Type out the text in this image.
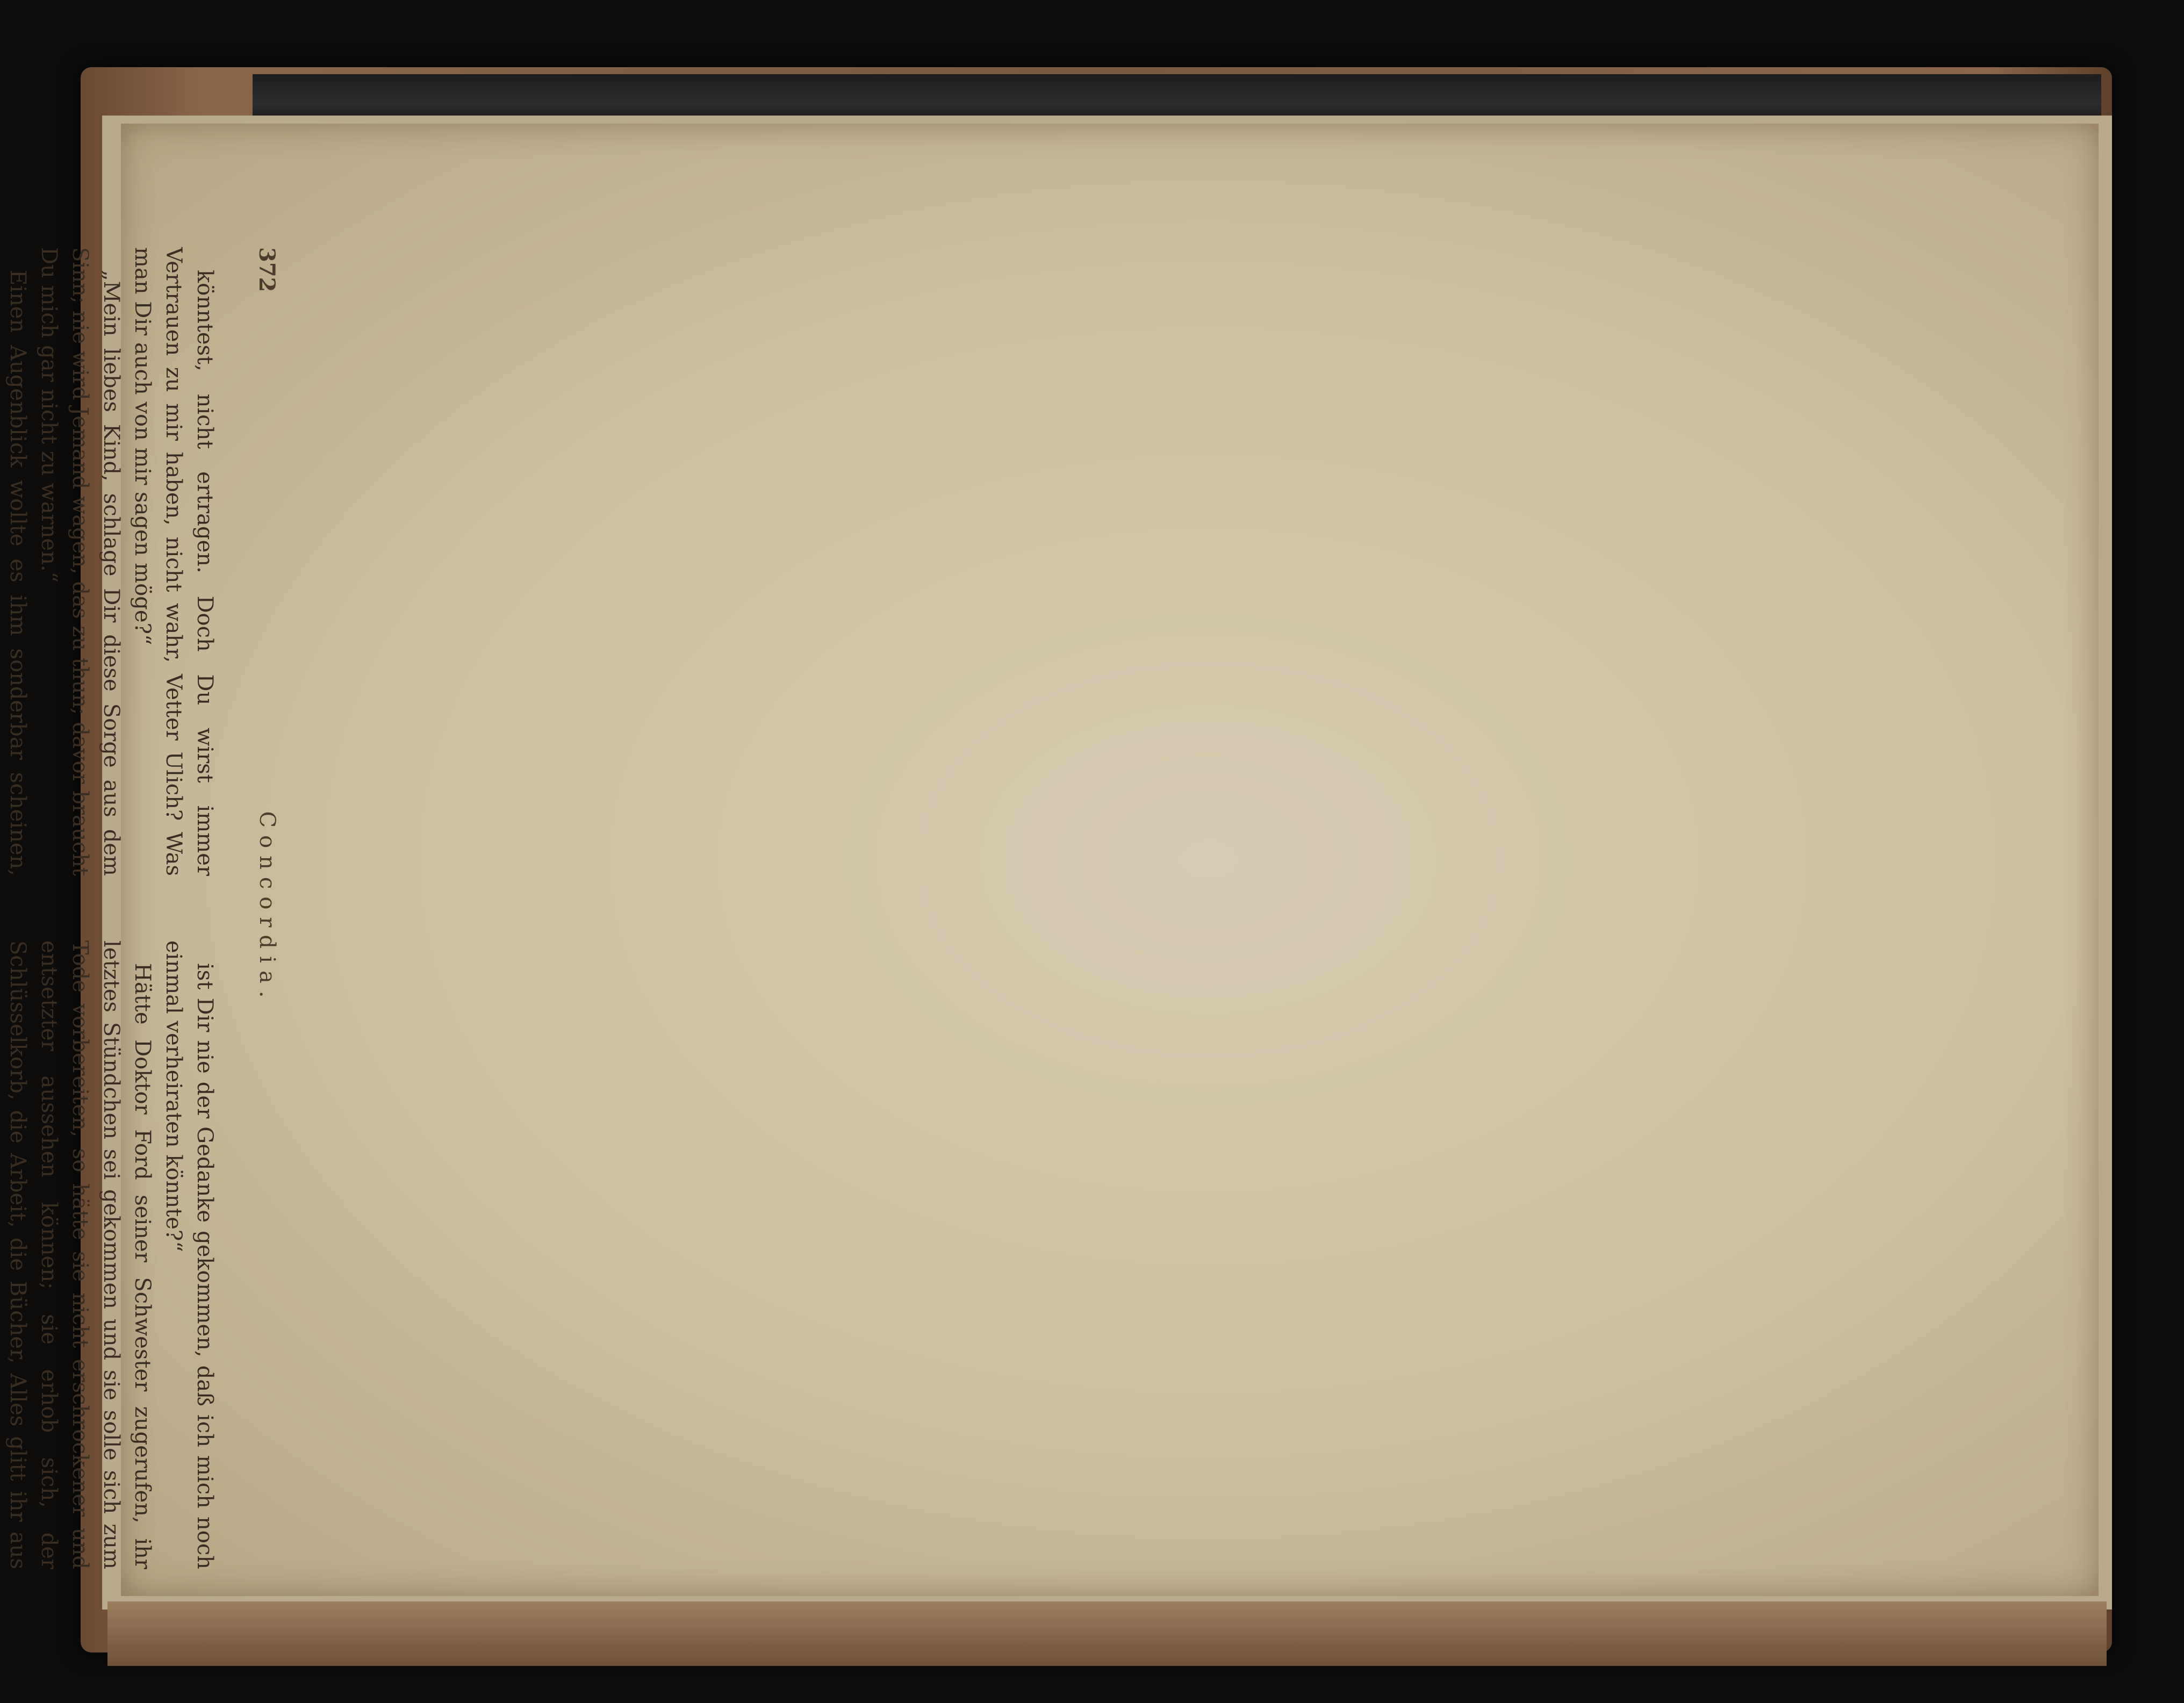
372
Concordia.

könntest, nicht ertragen. Doch Du wirst immer Vertrauen zu mir haben, nicht wahr, Vetter Ulich? Was man Dir auch von mir sagen möge?“

„Mein liebes Kind, schlage Dir diese Sorge aus dem Sinn; nie wird Jemand wagen, das zu thun; davor braucht Du mich gar nicht zu warnen.“

Einen Augenblick wollte es ihm sonderbar scheinen,

ist Dir nie der Gedanke gekommen, daß ich mich noch einmal verheiraten könnte?“

Hätte Doktor Ford seiner Schwester zugerufen, ihr letztes Stündchen sei gekommen und sie solle sich zum Tode vorbereiten, so hätte sie nicht erschrockener und entsetzter aussehen können; sie erhob sich, der Schlüsselkorb, die Arbeit, die Bücher, Alles glitt ihr aus
